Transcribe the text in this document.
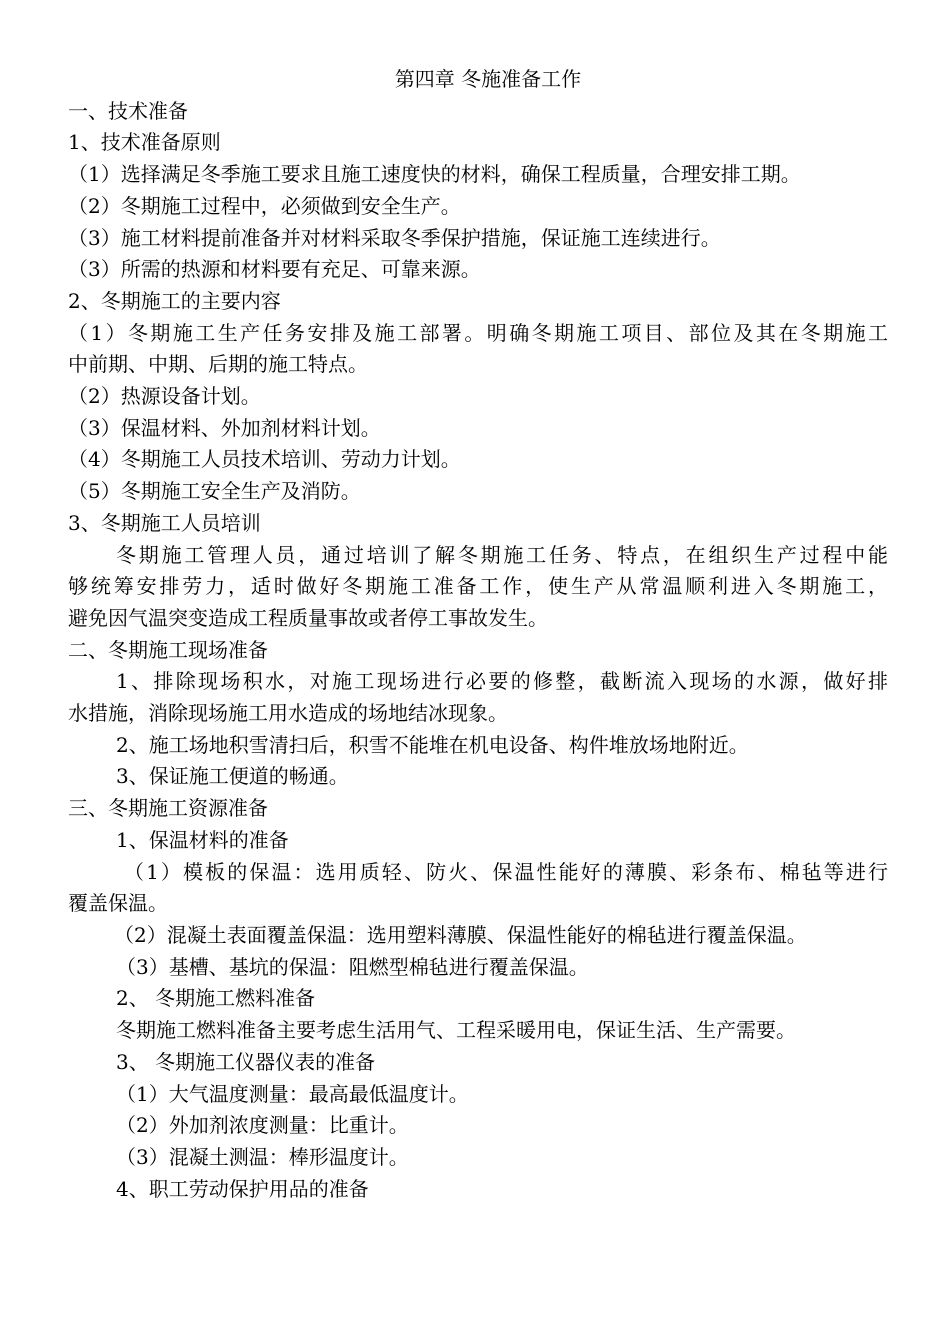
第四章 冬施准备工作
一、技术准备
1、技术准备原则
（1）选择满足冬季施工要求且施工速度快的材料，确保工程质量，合理安排工期。
（2）冬期施工过程中，必须做到安全生产。
（3）施工材料提前准备并对材料采取冬季保护措施，保证施工连续进行。
（3）所需的热源和材料要有充足、可靠来源。
2、冬期施工的主要内容
（1）冬期施工生产任务安排及施工部署。明确冬期施工项目、部位及其在冬期施工
中前期、中期、后期的施工特点。
（2）热源设备计划。
（3）保温材料、外加剂材料计划。
（4）冬期施工人员技术培训、劳动力计划。
（5）冬期施工安全生产及消防。
3、冬期施工人员培训
冬期施工管理人员，通过培训了解冬期施工任务、特点，在组织生产过程中能
够统筹安排劳力，适时做好冬期施工准备工作，使生产从常温顺利进入冬期施工，
避免因气温突变造成工程质量事故或者停工事故发生。
二、冬期施工现场准备
1、排除现场积水，对施工现场进行必要的修整，截断流入现场的水源，做好排
水措施，消除现场施工用水造成的场地结冰现象。
2、施工场地积雪清扫后，积雪不能堆在机电设备、构件堆放场地附近。
3、保证施工便道的畅通。
三、冬期施工资源准备
1、保温材料的准备
（1）模板的保温：选用质轻、防火、保温性能好的薄膜、彩条布、棉毡等进行
覆盖保温。
（2）混凝土表面覆盖保温：选用塑料薄膜、保温性能好的棉毡进行覆盖保温。
（3）基槽、基坑的保温：阻燃型棉毡进行覆盖保温。
2、 冬期施工燃料准备
冬期施工燃料准备主要考虑生活用气、工程采暖用电，保证生活、生产需要。
3、 冬期施工仪器仪表的准备
（1）大气温度测量：最高最低温度计。
（2）外加剂浓度测量：比重计。
（3）混凝土测温：棒形温度计。
4、职工劳动保护用品的准备
